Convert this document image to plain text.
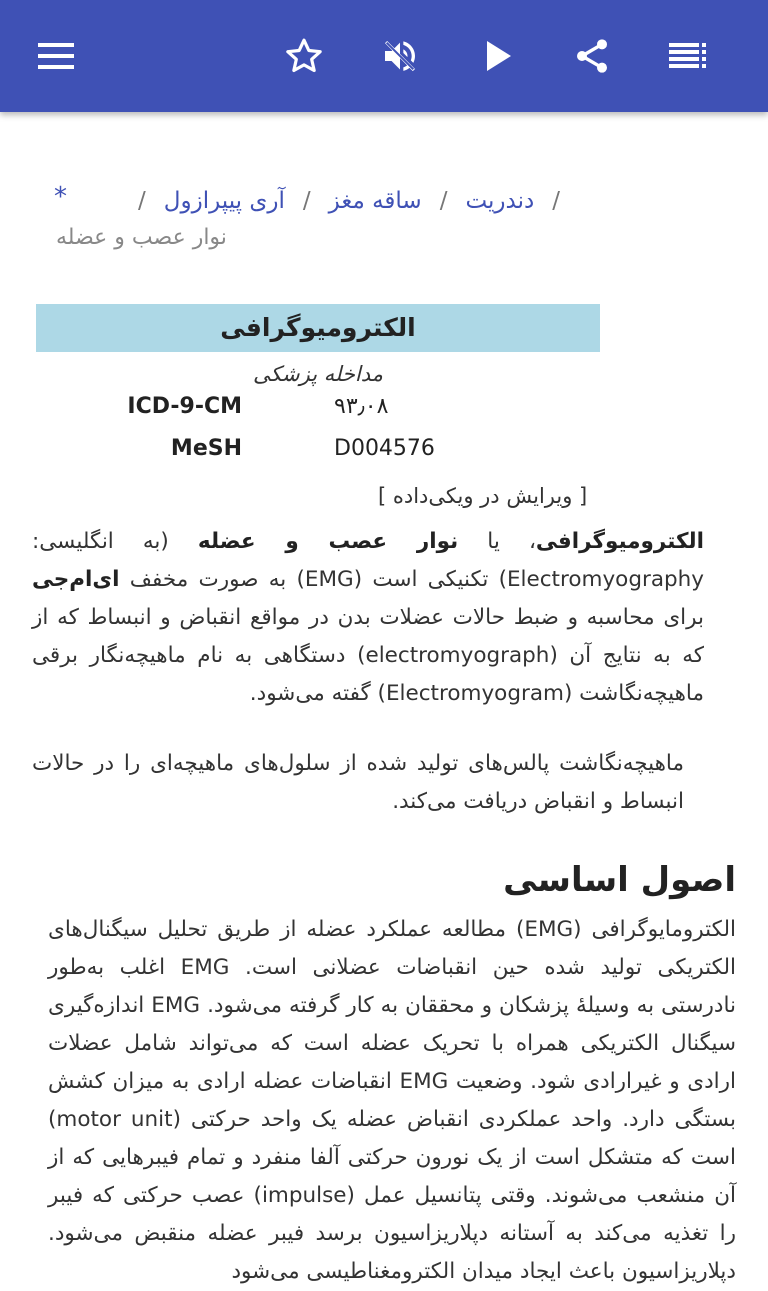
/دندریت/ساقه مغز/آری پیپرازول/
*
نوار عصب و عضله
الکترومیوگرافی
مداخله پزشکی
ICD-9-CM	۹۳٫۰۸
MeSH	D004576
[ ویرایش در ویکی‌داده ]
الکترومیوگرافی، یا نوار عصب و عضله (به انگلیسی: Electromyography) تکنیکی است (EMG) به صورت مخفف ای‌ام‌جی برای محاسبه و ضبط حالات عضلات بدن در مواقع انقباض و انبساط که از که به نتایج آن (electromyograph) دستگاهی به نام ماهیچه‌نگار برقی ماهیچه‌نگاشت (Electromyogram) گفته می‌شود.
ماهیچه‌نگاشت پالس‌های تولید شده از سلول‌های ماهیچه‌ای را در حالات انبساط و انقباض دریافت می‌کند.
اصول اساسی
الکترومایوگرافی (EMG) مطالعه عملکرد عضله از طریق تحلیل سیگنال‌های الکتریکی تولید شده حین انقباضات عضلانی است. EMG اغلب به‌طور نادرستی به وسیلهٔ پزشکان و محققان به کار گرفته می‌شود. EMG اندازه‌گیری سیگنال الکتریکی همراه با تحریک عضله است که می‌تواند شامل عضلات ارادی و غیرارادی شود. وضعیت EMG انقباضات عضله ارادی به میزان کشش بستگی دارد. واحد عملکردی انقباض عضله یک واحد حرکتی (motor unit) است که متشکل است از یک نورون حرکتی آلفا منفرد و تمام فیبرهایی که از آن منشعب می‌شوند. وقتی پتانسیل عمل (impulse) عصب حرکتی که فیبر را تغذیه می‌کند به آستانه دپلاریزاسیون برسد فیبر عضله منقبض می‌شود. دپلاریزاسیون باعث ایجاد میدان الکترومغناطیسی می‌شود
